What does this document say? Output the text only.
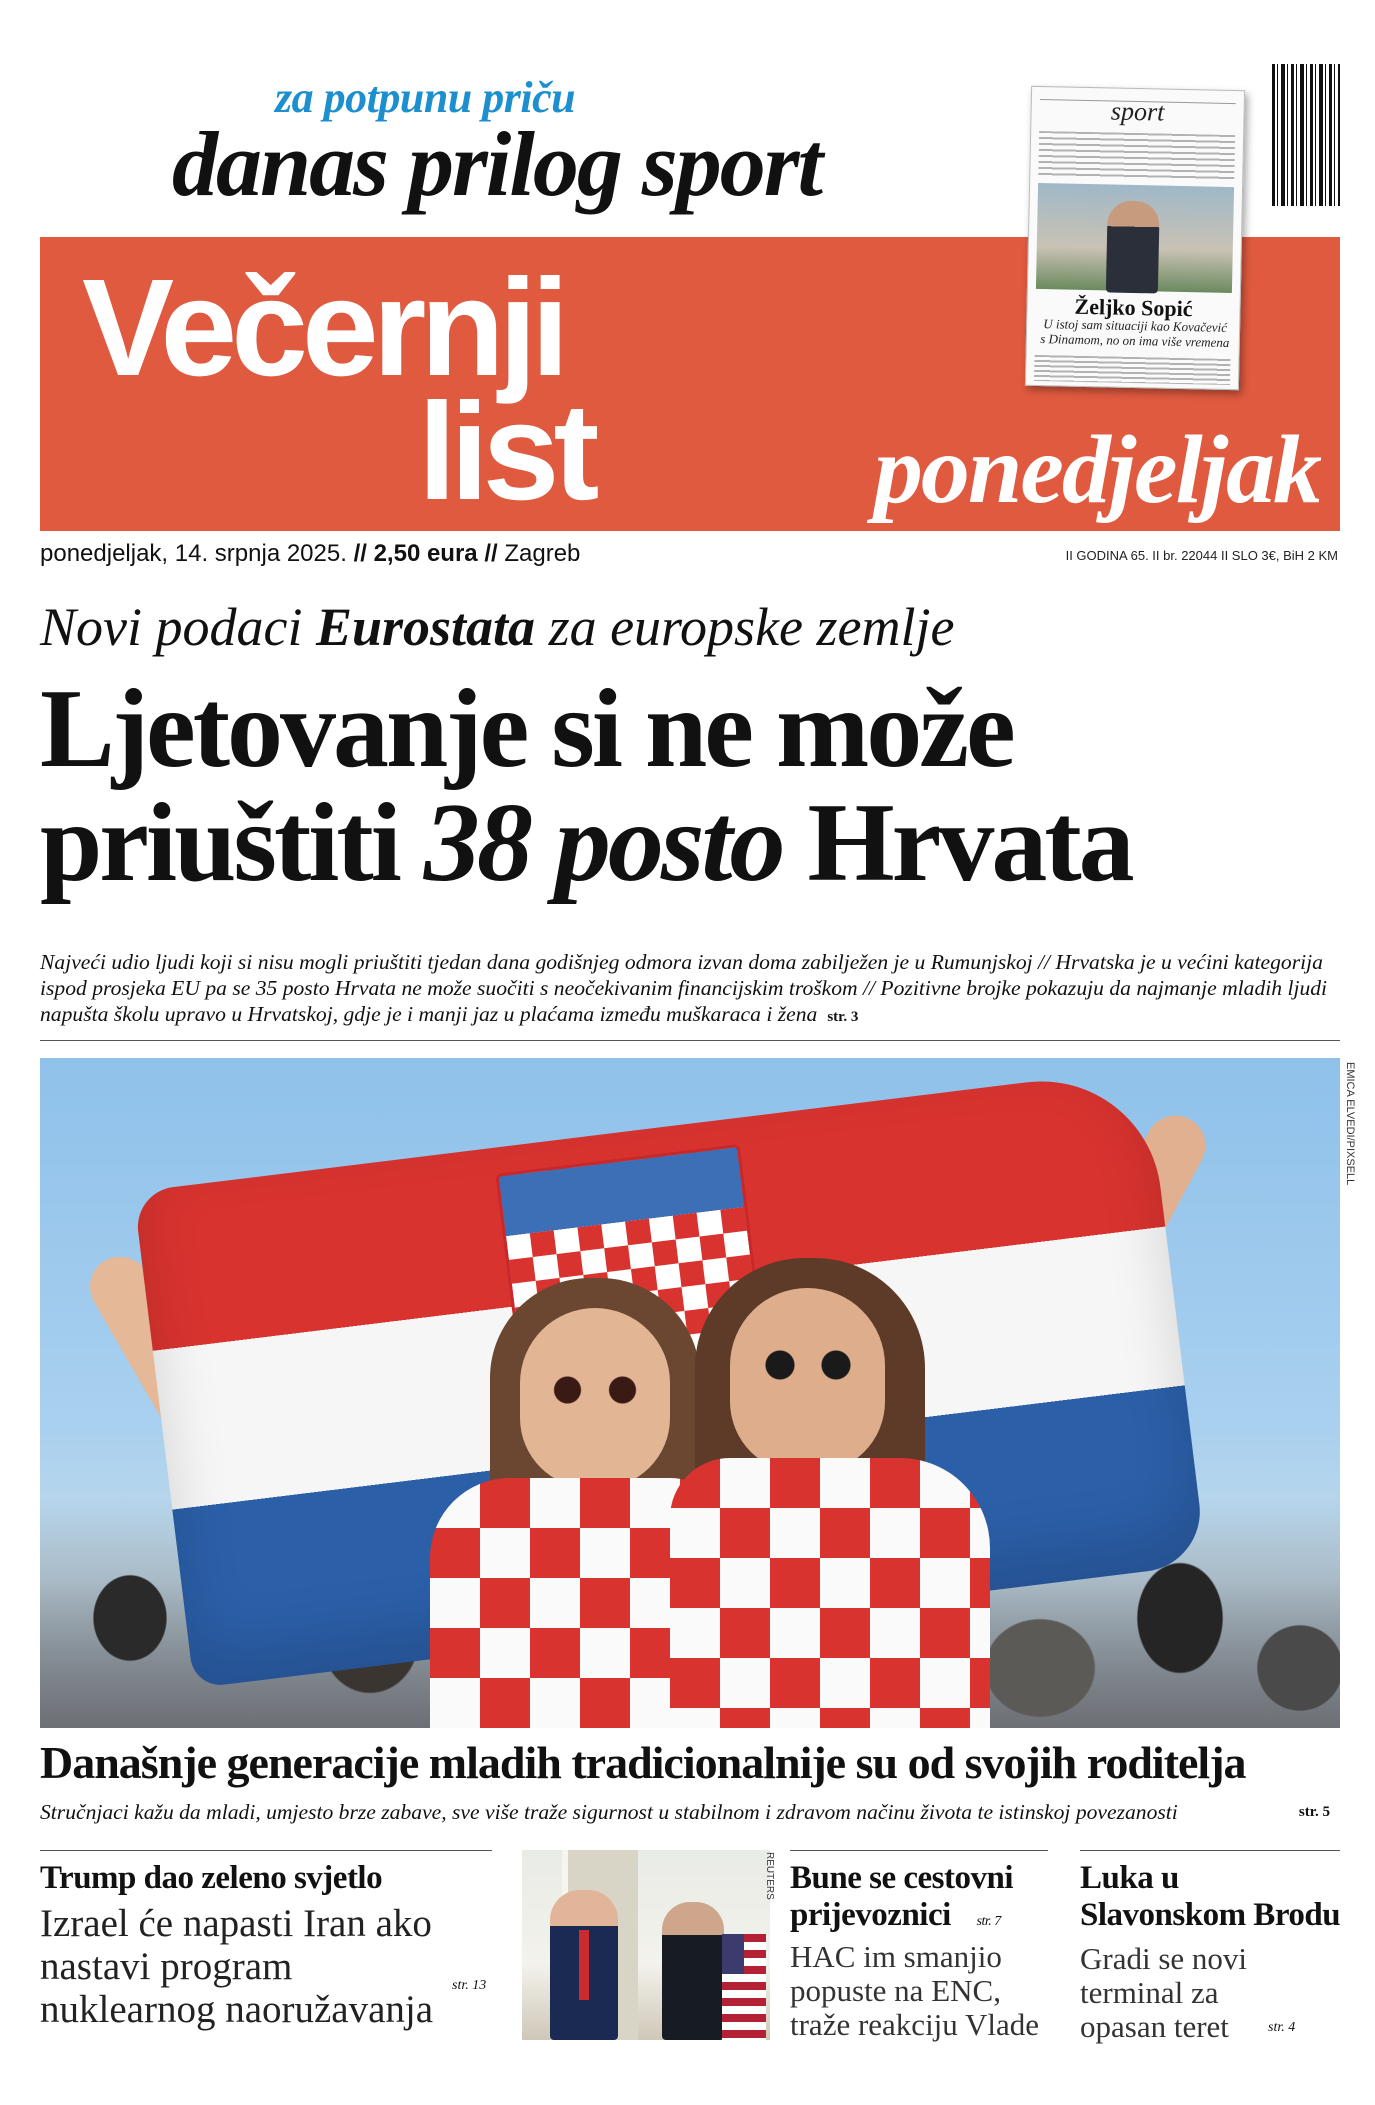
za potpunu priču
danas prilog sport
sport
Željko Sopić
U istoj sam situaciji kao Kovačević s Dinamom, no on ima više vremena
Večernji
list	ponedjeljak
ponedjeljak, 14. srpnja 2025. // 2,50 eura // Zagreb	II GODINA 65. II br. 22044 II SLO 3€, BiH 2 KM
Novi podaci Eurostata za europske zemlje
Ljetovanje si ne može
priuštiti 38 posto Hrvata
Najveći udio ljudi koji si nisu mogli priuštiti tjedan dana godišnjeg odmora izvan doma zabilježen je u Rumunjskoj // Hrvatska je u većini kategorija ispod prosjeka EU pa se 35 posto Hrvata ne može suočiti s neočekivanim financijskim troškom // Pozitivne brojke pokazuju da najmanje mladih ljudi napušta školu upravo u Hrvatskoj, gdje je i manji jaz u plaćama između muškaraca i žena str. 3
EMICA ELVEDI/PIXSELL
Današnje generacije mladih tradicionalnije su od svojih roditelja
Stručnjaci kažu da mladi, umjesto brze zabave, sve više traže sigurnost u stabilnom i zdravom načinu života te istinskoj povezanosti	str. 5
Trump dao zeleno svjetlo
Izrael će napasti Iran ako nastavi program nuklearnog naoružavanja
str. 13
REUTERS Bune se cestovni prijevoznici str. 7
HAC im smanjio popuste na ENC, traže reakciju Vlade
Luka u Slavonskom Brodu
Gradi se novi terminal za opasan teret	str. 4
